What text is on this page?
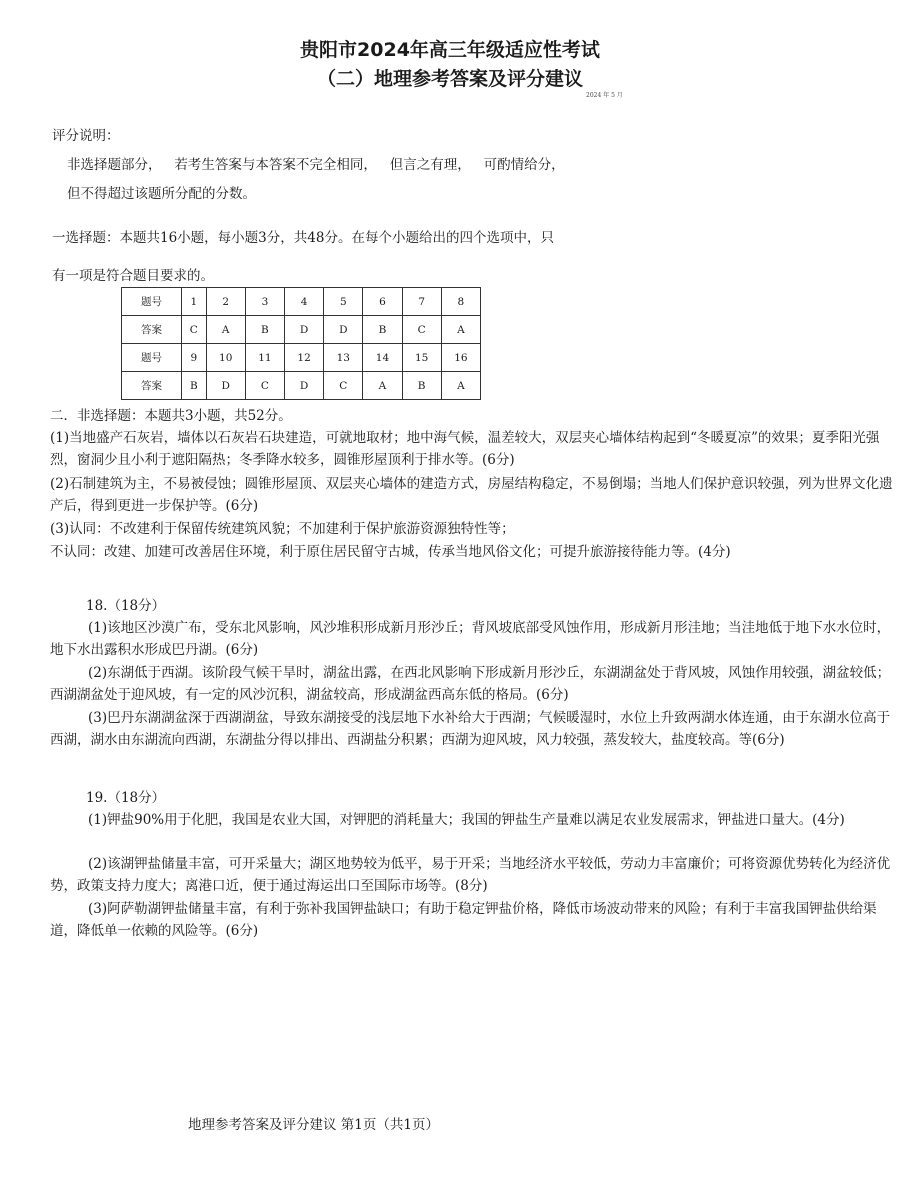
贵阳市2024年高三年级适应性考试
（二）地理参考答案及评分建议
2024 年 5 月
评分说明：
非选择题部分，   若考生答案与本答案不完全相同，   但言之有理，   可酌情给分，
但不得超过该题所分配的分数。
一选择题：本题共16小题，每小题3分，共48分。在每个小题给出的四个选项中，只
有一项是符合题目要求的。
题号	1	2	3	4	5	6	7	8
答案	C	A	B	D	D	B	C	A
题号	9	10	11	12	13	14	15	16
答案	B	D	C	D	C	A	B	A
二．非选择题：本题共3小题，共52分。
(1)当地盛产石灰岩，墙体以石灰岩石块建造，可就地取材；地中海气候，温差较大，双层夹心墙体结构起到“冬暖夏凉”的效果；夏季阳光强烈，窗洞少且小利于遮阳隔热；冬季降水较多，圆锥形屋顶利于排水等。(6分)
(2)石制建筑为主，不易被侵蚀；圆锥形屋顶、双层夹心墙体的建造方式，房屋结构稳定，不易倒塌；当地人们保护意识较强，列为世界文化遗产后，得到更进一步保护等。(6分)
(3)认同：不改建利于保留传统建筑风貌；不加建利于保护旅游资源独特性等；
不认同：改建、加建可改善居住环境，利于原住居民留守古城，传承当地风俗文化；可提升旅游接待能力等。(4分)
18.（18分）
(1)该地区沙漠广布，受东北风影响，风沙堆积形成新月形沙丘；背风坡底部受风蚀作用，形成新月形洼地；当洼地低于地下水水位时，地下水出露积水形成巴丹湖。(6分)
(2)东湖低于西湖。该阶段气候干旱时，湖盆出露，在西北风影响下形成新月形沙丘，东湖湖盆处于背风坡，风蚀作用较强，湖盆较低；西湖湖盆处于迎风坡，有一定的风沙沉积，湖盆较高，形成湖盆西高东低的格局。(6分)
(3)巴丹东湖湖盆深于西湖湖盆，导致东湖接受的浅层地下水补给大于西湖；气候暖湿时，水位上升致两湖水体连通，由于东湖水位高于西湖，湖水由东湖流向西湖，东湖盐分得以排出、西湖盐分积累；西湖为迎风坡，风力较强，蒸发较大，盐度较高。等(6分)
19.（18分）
(1)钾盐90%用于化肥，我国是农业大国，对钾肥的消耗量大；我国的钾盐生产量难以满足农业发展需求，钾盐进口量大。(4分)
(2)该湖钾盐储量丰富，可开采量大；湖区地势较为低平，易于开采；当地经济水平较低，劳动力丰富廉价；可将资源优势转化为经济优势，政策支持力度大；离港口近，便于通过海运出口至国际市场等。(8分)
(3)阿萨勒湖钾盐储量丰富，有利于弥补我国钾盐缺口；有助于稳定钾盐价格，降低市场波动带来的风险；有利于丰富我国钾盐供给渠道，降低单一依赖的风险等。(6分)
地理参考答案及评分建议 第1页（共1页）
